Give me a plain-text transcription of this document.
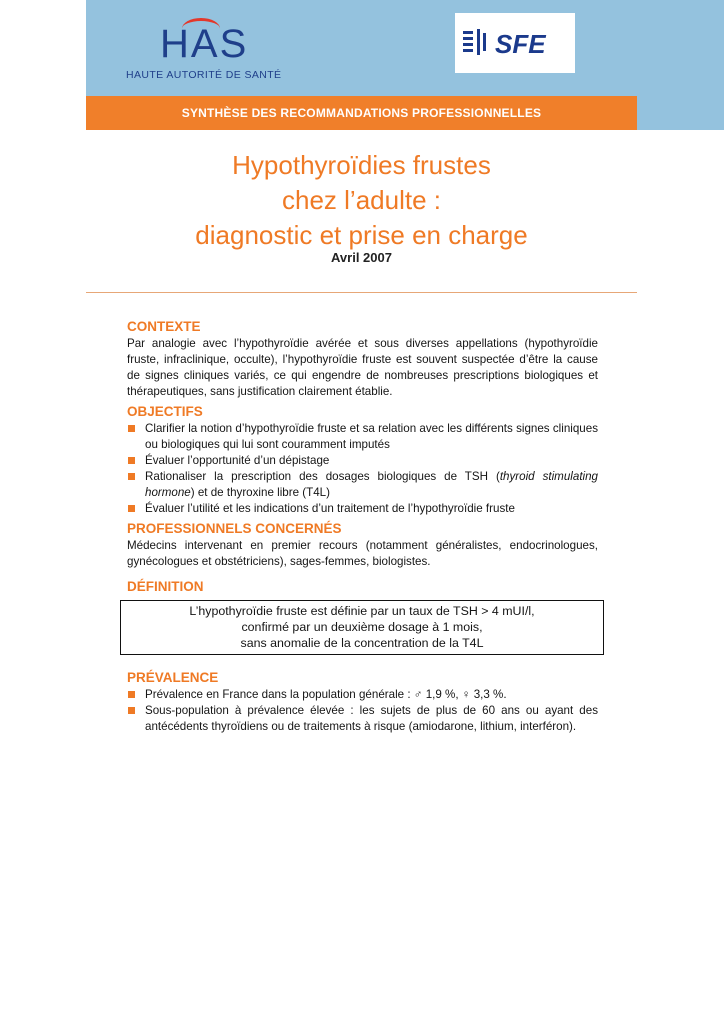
HAS
HAUTE AUTORITÉ DE SANTÉ
SFE
SYNTHÈSE DES RECOMMANDATIONS PROFESSIONNELLES
Hypothyroïdies frustes
chez l’adulte :
diagnostic et prise en charge
Avril 2007
CONTEXTE

Par analogie avec l’hypothyroïdie avérée et sous diverses appellations (hypothyroïdie fruste, infraclinique, occulte), l’hypothyroïdie fruste est souvent suspectée d’être la cause de signes cliniques variés, ce qui engendre de nombreuses prescriptions biologiques et thérapeutiques, sans justification clairement établie.

OBJECTIFS
Clarifier la notion d’hypothyroïdie fruste et sa relation avec les différents signes cliniques ou biologiques qui lui sont couramment imputés
Évaluer l’opportunité d’un dépistage
Rationaliser la prescription des dosages biologiques de TSH (thyroid stimulating hormone) et de thyroxine libre (T4L)
Évaluer l’utilité et les indications d’un traitement de l’hypothyroïdie fruste
PROFESSIONNELS CONCERNÉS

Médecins intervenant en premier recours (notamment généralistes, endocrinologues, gynécologues et obstétriciens), sages-femmes, biologistes.

DÉFINITION
L’hypothyroïdie fruste est définie par un taux de TSH > 4 mUI/l,
confirmé par un deuxième dosage à 1 mois,
sans anomalie de la concentration de la T4L
PRÉVALENCE
Prévalence en France dans la population générale : ♂ 1,9 %, ♀ 3,3 %.
Sous-population à prévalence élevée : les sujets de plus de 60 ans ou ayant des antécédents thyroïdiens ou de traitements à risque (amiodarone, lithium, interféron).
